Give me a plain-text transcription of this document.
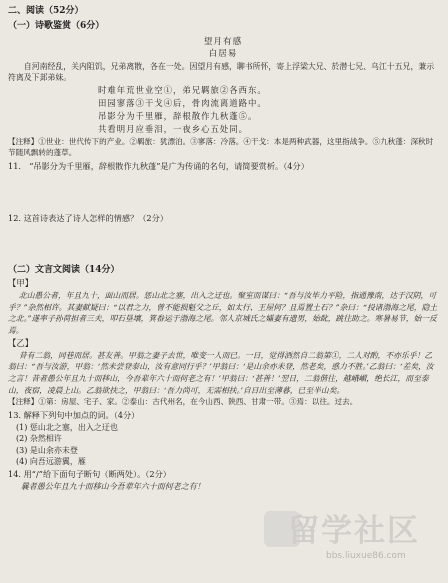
二、阅读（52分）
（一）诗歌鉴赏（6分）
望月有感
白居易
自河南经乱，关内阻饥，兄弟离散，各在一处。因望月有感，聊书所怀，寄上浮梁大兄、於潜七兄、乌江十五兄，兼示符离及下邽弟妹。
时难年荒世业空①，弟兄羁旅②各西东。
田园寥落③干戈④后，骨肉流离道路中。
吊影分为千里雁，辞根散作九秋蓬⑤。
共看明月应垂泪，一夜乡心五处同。
【注释】①世业：世代传下的产业。②羁旅：犹漂泊。③寥落：冷落。④干戈：本是两种武器，这里指战争。⑤九秋蓬：深秋时节随风飘转的蓬草。
11.　“吊影分为千里雁，辞根散作九秋蓬”是广为传诵的名句，请简要赏析。（4分）
12. 这首诗表达了诗人怎样的情感？（2分）
（二）文言文阅读（14分）
【甲】
北山愚公者，年且九十，面山而居。惩山北之塞，出入之迂也。聚室而谋曰：“吾与汝毕力平险，指通豫南，达于汉阴，可乎？”杂然相许。其妻献疑曰：“以君之力，曾不能损魁父之丘，如太行、王屋何？且焉置土石？”杂曰：“投诸渤海之尾，隐土之北。”遂率子孙荷担者三夫，叩石垦壤，箕畚运于渤海之尾。邻人京城氏之孀妻有遗男，始龀，跳往助之。寒暑易节，始一反焉。
【乙】
昔有二翁，同巷而居。甚友善。甲翁之妻子去世，唯变一人而已。一日，觉得洒然自二翁第①，二人对酌，不亦乐乎！乙翁曰：“吾与汝游，甲翁：‘然未尝登泰山，汝有意同行乎？’甲翁曰：‘是山余亦未登，然老矣，惑力不胜。’乙翁曰：‘差矣，汝之言！昔者愚公年且九十而移山，今吾辈年六十而何老之有！’甲翁曰：‘甚善！’翌日，二翁偕往，越峨嵋，绝长江，而至泰山，夜宿，凌晨上山。乙翁欲扶之，甲翁曰：‘吾力尚可，无需相扶。’自日出至薄暮，已至半山矣。
【注释】①第：房屋、宅子、家。②泰山：古代州名，在今山西、陕西、甘肃一带。③焉：以往。过去。
13. 解释下列句中加点的词。（4分）
(1) 惩山北之塞，出入之迂也
(2) 杂然相许
(3) 是山余亦未登
(4) 向吾远游翼，雁
14. 用“/”给下面句子断句（断两处）。（2分）
曩者愚公年且九十而移山今吾辈年六十而何老之有！
留学社区
bbs.liuxue86.com
